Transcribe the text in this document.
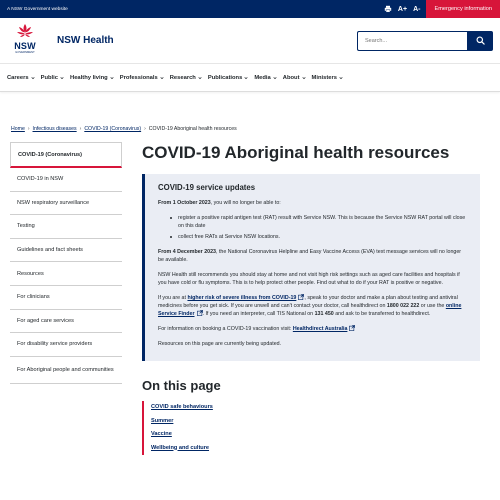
A NSW Government website	A+ A-	Emergency information
NSW
GOVERNMENT
NSW Health
Search...
Careers Public Healthy living Professionals Research Publications Media About Ministers
Home › Infectious diseases › COVID-19 (Coronavirus) › COVID-19 Aboriginal health resources
COVID-19 (Coronavirus)
COVID-19 in NSW
NSW respiratory surveillance
Testing
Guidelines and fact sheets
Resources
For clinicians
For aged care services
For disability service providers
For Aboriginal people and communities
COVID-19 Aboriginal health resources
COVID-19 service updates

From 1 October 2023, you will no longer be able to:

register a positive rapid antigen test (RAT) result with Service NSW. This is because the Service NSW RAT portal will close on this date
collect free RATs at Service NSW locations.

From 4 December 2023, the National Coronavirus Helpline and Easy Vaccine Access (EVA) text message services will no longer be available.

NSW Health still recommends you should stay at home and not visit high risk settings such as aged care facilities and hospitals if you have cold or flu symptoms. This is to help protect other people. Find out what to do if your RAT is positive or negative.

If you are at higher risk of severe illness from COVID-19 , speak to your doctor and make a plan about testing and antiviral medicines before you get sick. If you are unwell and can't contact your doctor, call healthdirect on 1800 022 222 or use the online Service Finder . If you need an interpreter, call TIS National on 131 450 and ask to be transferred to healthdirect.

For information on booking a COVID-19 vaccination visit: Healthdirect Australia

Resources on this page are currently being updated.

On this page
COVID safe behaviours
Summer
Vaccine
Wellbeing and culture
